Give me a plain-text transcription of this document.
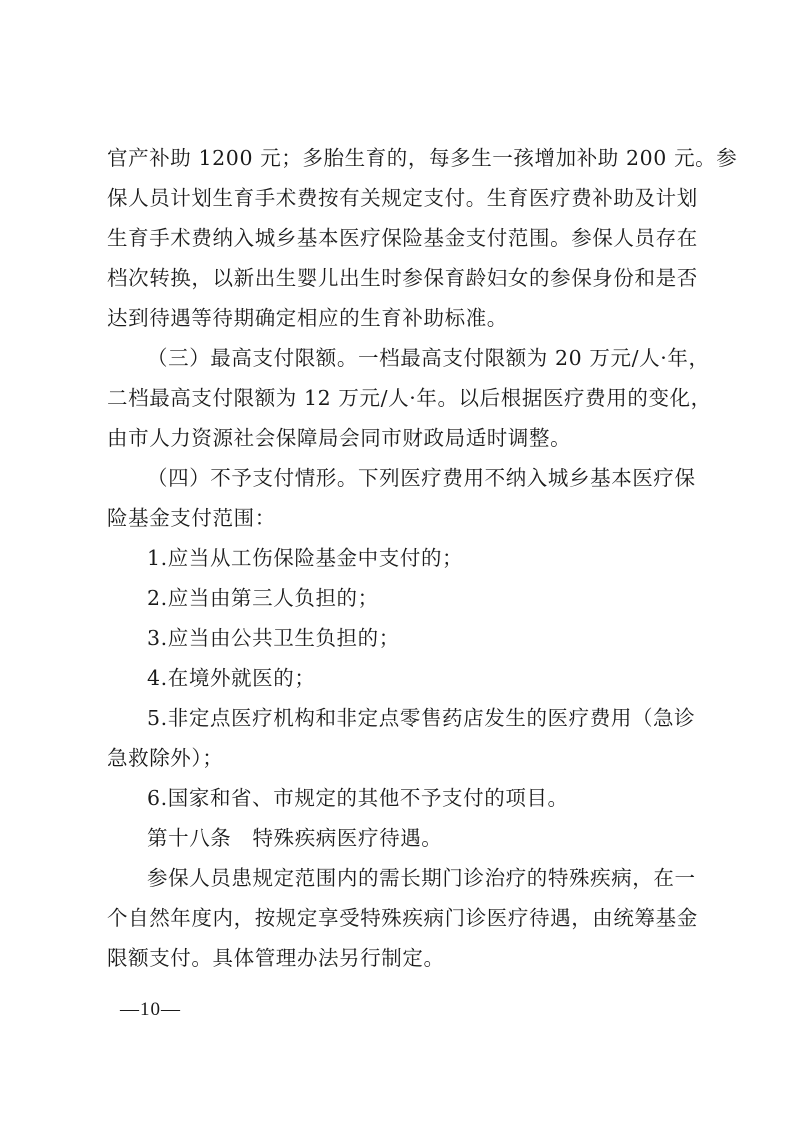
官产补助 1200 元；多胎生育的，每多生一孩增加补助 200 元。参
保人员计划生育手术费按有关规定支付。生育医疗费补助及计划
生育手术费纳入城乡基本医疗保险基金支付范围。参保人员存在
档次转换，以新出生婴儿出生时参保育龄妇女的参保身份和是否
达到待遇等待期确定相应的生育补助标准。
（三）最高支付限额。一档最高支付限额为 20 万元/人·年，
二档最高支付限额为 12 万元/人·年。以后根据医疗费用的变化，
由市人力资源社会保障局会同市财政局适时调整。
（四）不予支付情形。下列医疗费用不纳入城乡基本医疗保
险基金支付范围：
1.应当从工伤保险基金中支付的；
2.应当由第三人负担的；
3.应当由公共卫生负担的；
4.在境外就医的；
5.非定点医疗机构和非定点零售药店发生的医疗费用（急诊
急救除外）；
6.国家和省、市规定的其他不予支付的项目。
第十八条　特殊疾病医疗待遇。
参保人员患规定范围内的需长期门诊治疗的特殊疾病，在一
个自然年度内，按规定享受特殊疾病门诊医疗待遇，由统筹基金
限额支付。具体管理办法另行制定。
—10—
